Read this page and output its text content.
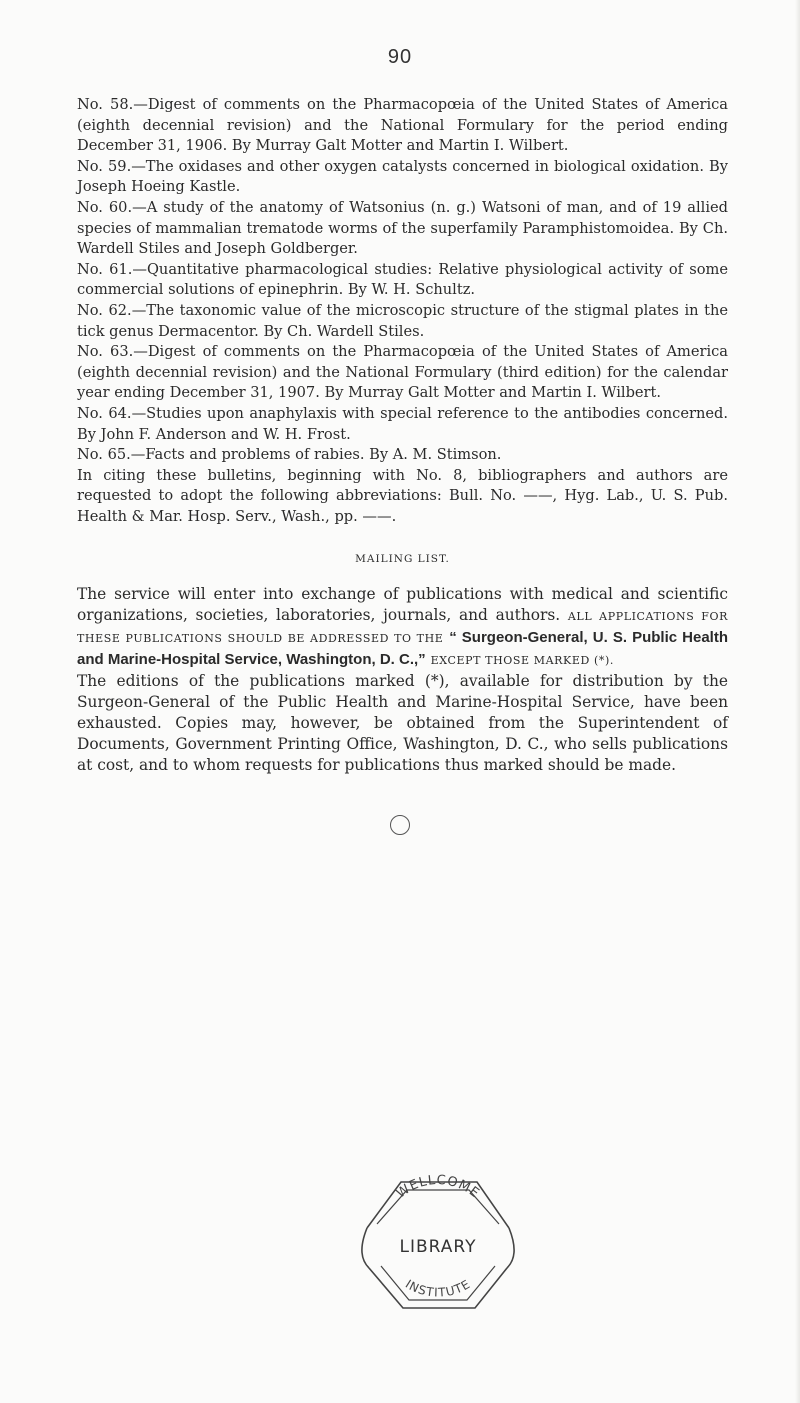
90

No. 58.—Digest of comments on the Pharmacopœia of the United States of America (eighth decennial revision) and the National Formulary for the period ending December 31, 1906. By Murray Galt Motter and Martin I. Wilbert.

No. 59.—The oxidases and other oxygen catalysts concerned in biological oxidation. By Joseph Hoeing Kastle.

No. 60.—A study of the anatomy of Watsonius (n. g.) Watsoni of man, and of 19 allied species of mammalian trematode worms of the superfamily Paramphistomoidea. By Ch. Wardell Stiles and Joseph Goldberger.

No. 61.—Quantitative pharmacological studies: Relative physiological activity of some commercial solutions of epinephrin. By W. H. Schultz.

No. 62.—The taxonomic value of the microscopic structure of the stigmal plates in the tick genus Dermacentor. By Ch. Wardell Stiles.

No. 63.—Digest of comments on the Pharmacopœia of the United States of America (eighth decennial revision) and the National Formulary (third edition) for the calendar year ending December 31, 1907. By Murray Galt Motter and Martin I. Wilbert.

No. 64.—Studies upon anaphylaxis with special reference to the antibodies concerned. By John F. Anderson and W. H. Frost.

No. 65.—Facts and problems of rabies. By A. M. Stimson.

In citing these bulletins, beginning with No. 8, bibliographers and authors are requested to adopt the following abbreviations: Bull. No. ——, Hyg. Lab., U. S. Pub. Health & Mar. Hosp. Serv., Wash., pp. ——.

MAILING LIST.

The service will enter into exchange of publications with medical and scientific organizations, societies, laboratories, journals, and authors. ALL APPLICATIONS FOR THESE PUBLICATIONS SHOULD BE ADDRESSED TO THE “ Surgeon-General, U. S. Public Health and Marine-Hospital Service, Washington, D. C.,” EXCEPT THOSE MARKED (*).

The editions of the publications marked (*), available for distribution by the Surgeon-General of the Public Health and Marine-Hospital Service, have been exhausted. Copies may, however, be obtained from the Superintendent of Documents, Government Printing Office, Washington, D. C., who sells publications at cost, and to whom requests for publications thus marked should be made.

WELLCOME
LIBRARY
INSTITUTE
